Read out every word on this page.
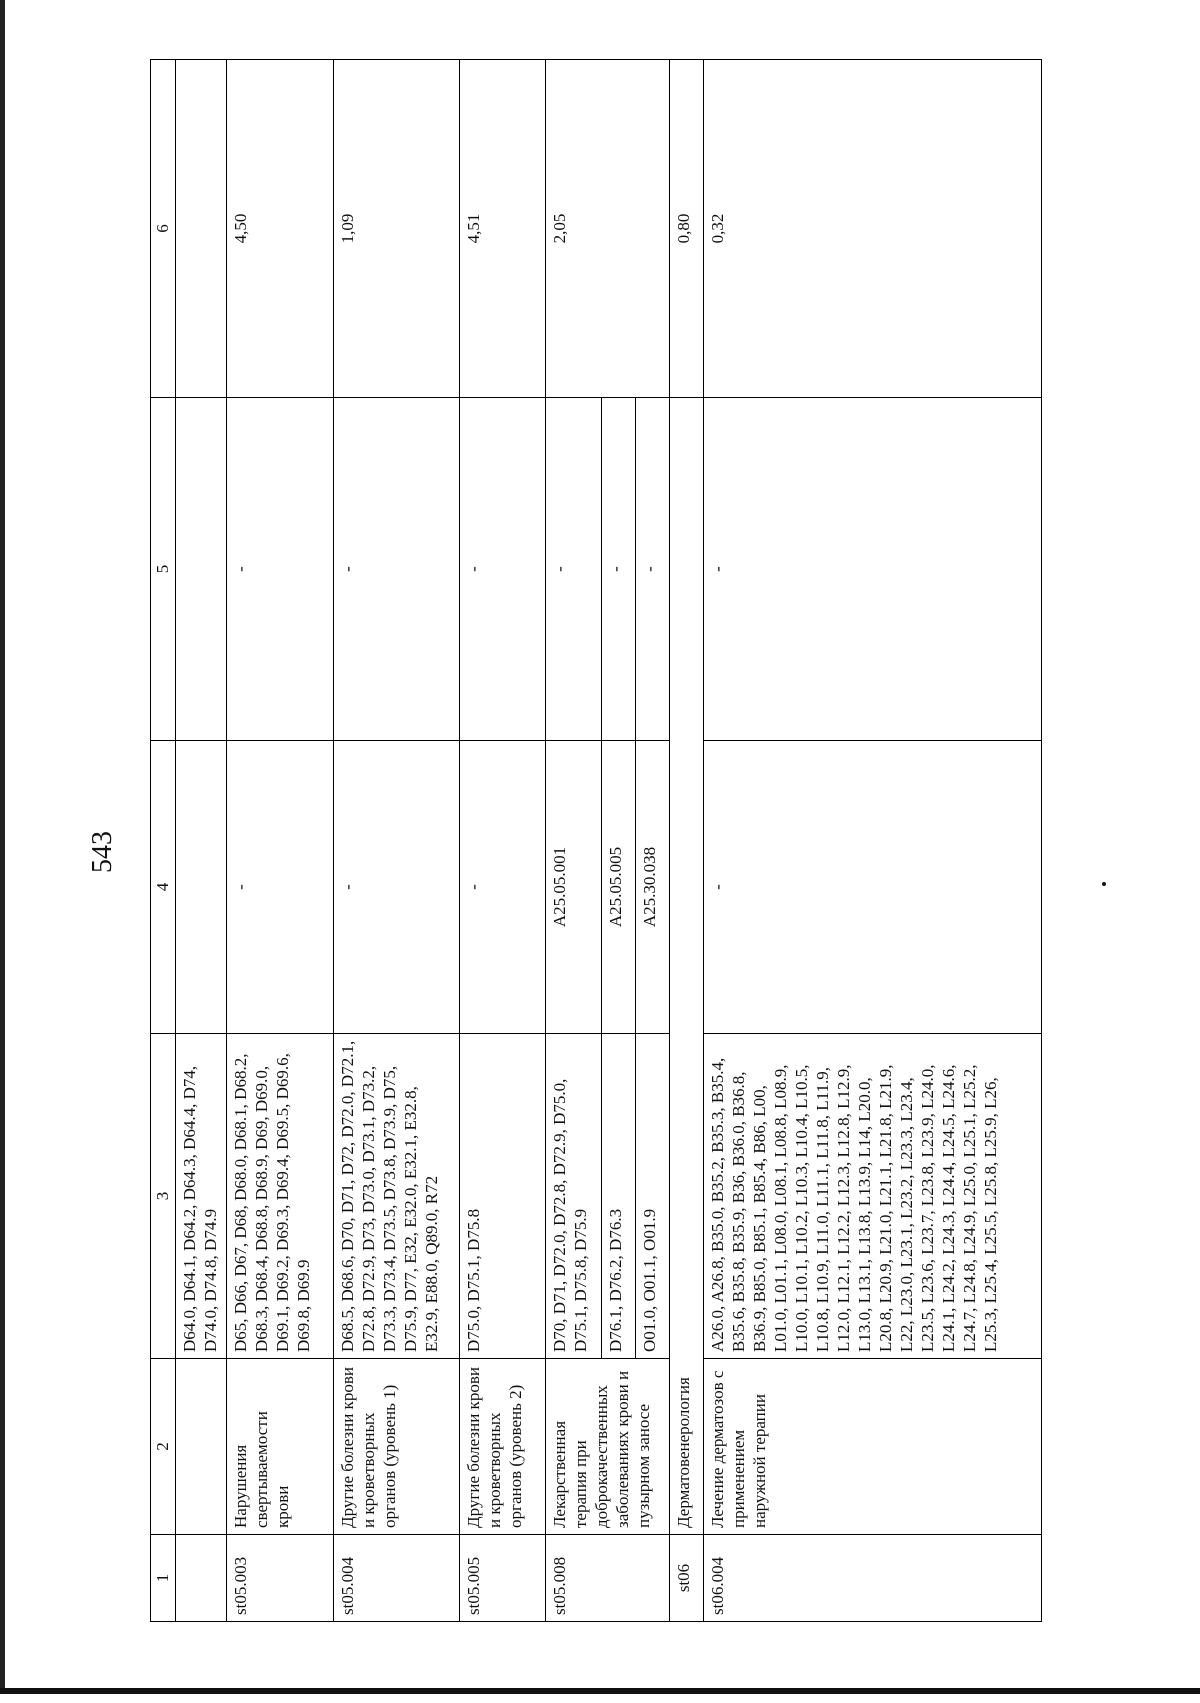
543
1	2	3	4	5	6
		D64.0, D64.1, D64.2, D64.3, D64.4, D74, D74.0, D74.8, D74.9			
st05.003	Нарушения свертываемости крови	D65, D66, D67, D68, D68.0, D68.1, D68.2, D68.3, D68.4, D68.8, D68.9, D69, D69.0, D69.1, D69.2, D69.3, D69.4, D69.5, D69.6, D69.8, D69.9	-	-	4,50
st05.004	Другие болезни крови и кроветворных органов (уровень 1)	D68.5, D68.6, D70, D71, D72, D72.0, D72.1, D72.8, D72.9, D73, D73.0, D73.1, D73.2, D73.3, D73.4, D73.5, D73.8, D73.9, D75, D75.9, D77, E32, E32.0, E32.1, E32.8, E32.9, E88.0, Q89.0, R72	-	-	1,09
st05.005	Другие болезни крови и кроветворных органов (уровень 2)	D75.0, D75.1, D75.8	-	-	4,51
st05.008	Лекарственная терапия при доброкачественных заболеваниях крови и пузырном заносе	D70, D71, D72.0, D72.8, D72.9, D75.0, D75.1, D75.8, D75.9	A25.05.001	-	2,05
		D76.1, D76.2, D76.3	A25.05.005	-	
		O01.0, O01.1, O01.9	A25.30.038	-	
st06	Дерматовенерология				0,80
st06.004	Лечение дерматозов с применением наружной терапии	A26.0, A26.8, B35.0, B35.2, B35.3, B35.4, B35.6, B35.8, B35.9, B36, B36.0, B36.8, B36.9, B85.0, B85.1, B85.4, B86, L00, L01.0, L01.1, L08.0, L08.1, L08.8, L08.9, L10.0, L10.1, L10.2, L10.3, L10.4, L10.5, L10.8, L10.9, L11.0, L11.1, L11.8, L11.9, L12.0, L12.1, L12.2, L12.3, L12.8, L12.9, L13.0, L13.1, L13.8, L13.9, L14, L20.0, L20.8, L20.9, L21.0, L21.1, L21.8, L21.9, L22, L23.0, L23.1, L23.2, L23.3, L23.4, L23.5, L23.6, L23.7, L23.8, L23.9, L24.0, L24.1, L24.2, L24.3, L24.4, L24.5, L24.6, L24.7, L24.8, L24.9, L25.0, L25.1, L25.2, L25.3, L25.4, L25.5, L25.8, L25.9, L26,	-	-	0,32
